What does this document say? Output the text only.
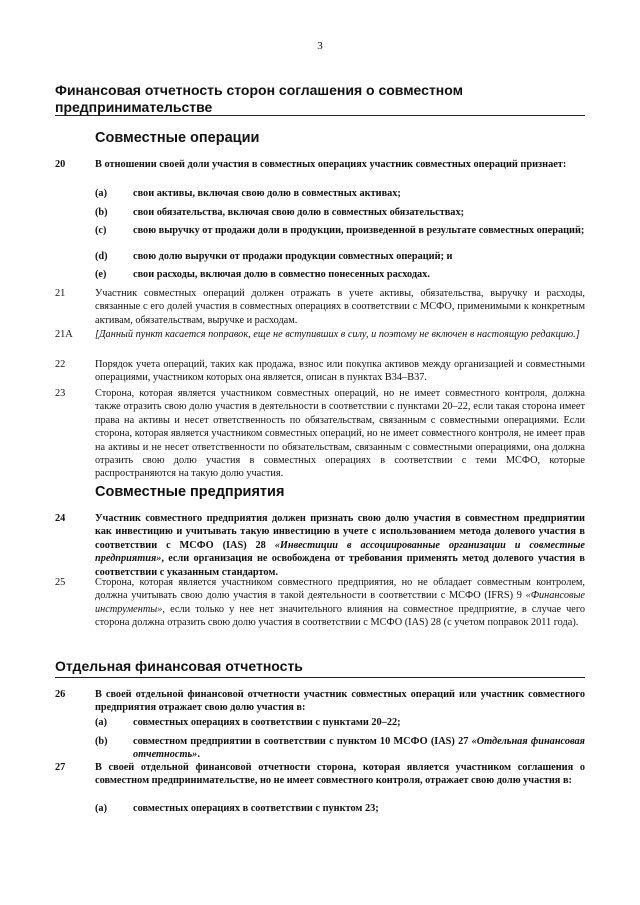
3
Финансовая отчетность сторон соглашения о совместном предпринимательстве
Совместные операции
20	В отношении своей доли участия в совместных операциях участник совместных операций признает:
(a)	свои активы, включая свою долю в совместных активах;
(b)	свои обязательства, включая свою долю в совместных обязательствах;
(c)	свою выручку от продажи доли в продукции, произведенной в результате совместных операций;
(d)	свою долю выручки от продажи продукции совместных операций; и
(e)	свои расходы, включая долю в совместно понесенных расходах.
21	Участник совместных операций должен отражать в учете активы, обязательства, выручку и расходы, связанные с его долей участия в совместных операциях в соответствии с МСФО, применимыми к конкретным активам, обязательствам, выручке и расходам.
21A	[Данный пункт касается поправок, еще не вступивших в силу, и поэтому не включен в настоящую редакцию.]
22	Порядок учета операций, таких как продажа, взнос или покупка активов между организацией и совместными операциями, участником которых она является, описан в пунктах B34–B37.
23	Сторона, которая является участником совместных операций, но не имеет совместного контроля, должна также отразить свою долю участия в деятельности в соответствии с пунктами 20–22, если такая сторона имеет права на активы и несет ответственность по обязательствам, связанным с совместными операциями. Если сторона, которая является участником совместных операций, но не имеет совместного контроля, не имеет прав на активы и не несет ответственности по обязательствам, связанным с совместными операциями, она должна отразить свою долю участия в совместных операциях в соответствии с теми МСФО, которые распространяются на такую долю участия.
Совместные предприятия
24	Участник совместного предприятия должен признать свою долю участия в совместном предприятии как инвестицию и учитывать такую инвестицию в учете с использованием метода долевого участия в соответствии с МСФО (IAS) 28 «Инвестиции в ассоциированные организации и совместные предприятия», если организация не освобождена от требования применять метод долевого участия в соответствии с указанным стандартом.
25	Сторона, которая является участником совместного предприятия, но не обладает совместным контролем, должна учитывать свою долю участия в такой деятельности в соответствии с МСФО (IFRS) 9 «Финансовые инструменты», если только у нее нет значительного влияния на совместное предприятие, в случае чего сторона должна отразить свою долю участия в соответствии с МСФО (IAS) 28 (с учетом поправок 2011 года).
Отдельная финансовая отчетность
26	В своей отдельной финансовой отчетности участник совместных операций или участник совместного предприятия отражает свою долю участия в:
(a)	совместных операциях в соответствии с пунктами 20–22;
(b)	совместном предприятии в соответствии с пунктом 10 МСФО (IAS) 27 «Отдельная финансовая отчетность».
27	В своей отдельной финансовой отчетности сторона, которая является участником соглашения о совместном предпринимательстве, но не имеет совместного контроля, отражает свою долю участия в:
(a)	совместных операциях в соответствии с пунктом 23;
